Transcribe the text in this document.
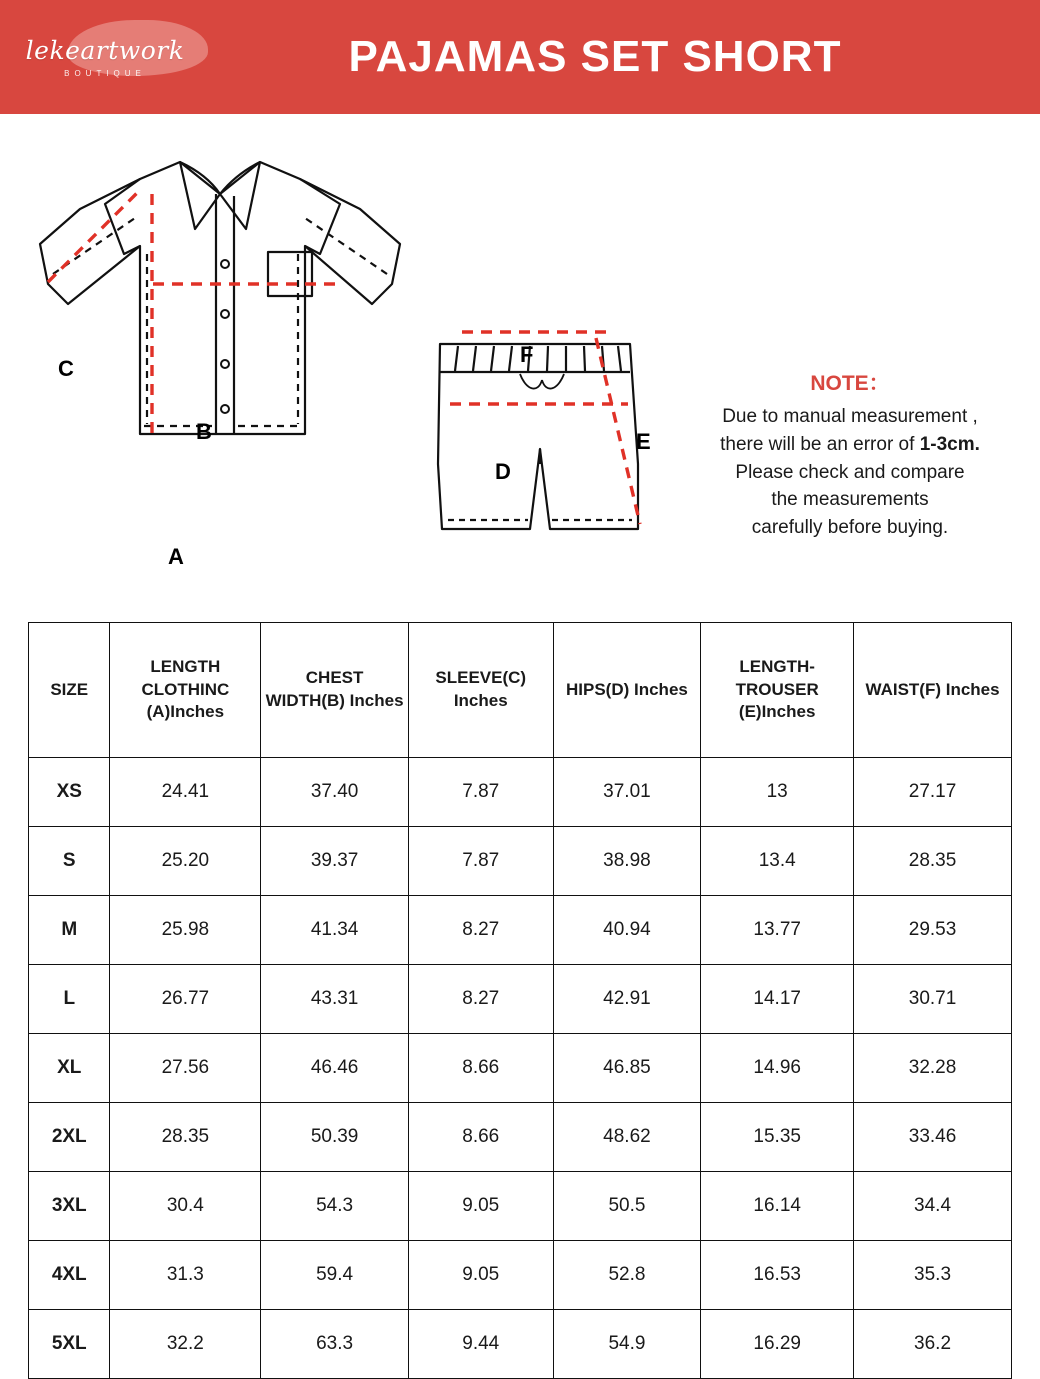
lekeartwork
BOUTIQUE	PAJAMAS SET SHORT
A
B
C
D
E
F
NOTE：
Due to manual measurement ,
there will be an error of 1-3cm.
Please check and compare
the measurements
carefully before buying.
SIZE	LENGTH CLOTHINC (A)Inches	CHEST WIDTH(B) Inches	SLEEVE(C) Inches	HIPS(D) Inches	LENGTH-TROUSER (E)Inches	WAIST(F) Inches
XS	24.41	37.40	7.87	37.01	13	27.17
S	25.20	39.37	7.87	38.98	13.4	28.35
M	25.98	41.34	8.27	40.94	13.77	29.53
L	26.77	43.31	8.27	42.91	14.17	30.71
XL	27.56	46.46	8.66	46.85	14.96	32.28
2XL	28.35	50.39	8.66	48.62	15.35	33.46
3XL	30.4	54.3	9.05	50.5	16.14	34.4
4XL	31.3	59.4	9.05	52.8	16.53	35.3
5XL	32.2	63.3	9.44	54.9	16.29	36.2
